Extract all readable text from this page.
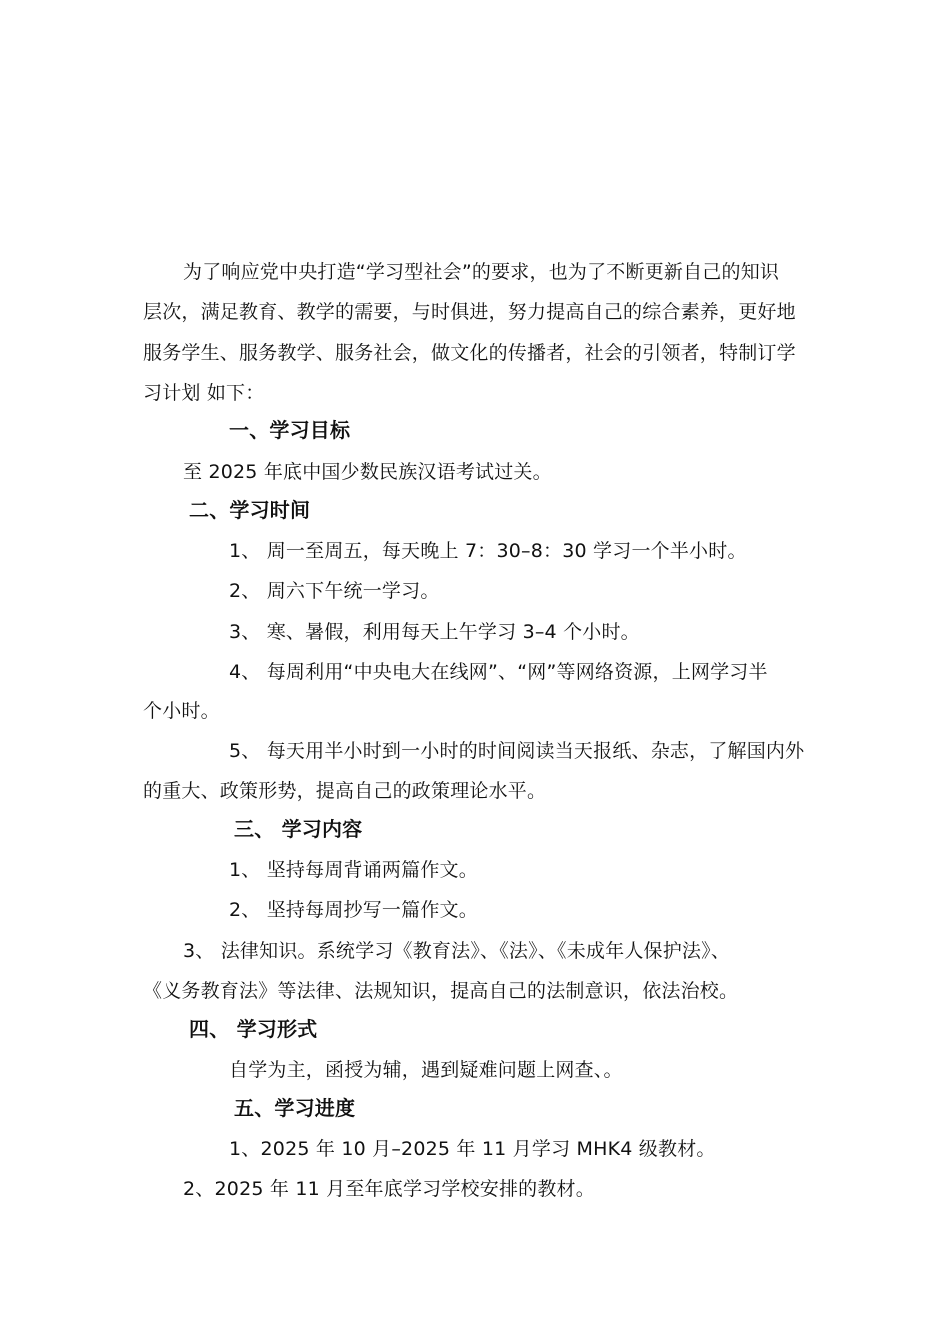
为了响应党中央打造“学习型社会”的要求，也为了不断更新自己的知识
层次，满足教育、教学的需要，与时俱进，努力提高自己的综合素养，更好地
服务学生、服务教学、服务社会，做文化的传播者，社会的引领者，特制订学
习计划 如下：
一、学习目标
至 2025 年底中国少数民族汉语考试过关。
二、学习时间
1、 周一至周五，每天晚上 7：30–8：30 学习一个半小时。
2、 周六下午统一学习。
3、 寒、暑假，利用每天上午学习 3–4 个小时。
4、 每周利用“中央电大在线网”、“网”等网络资源，上网学习半
个小时。
5、 每天用半小时到一小时的时间阅读当天报纸、杂志，了解国内外
的重大、政策形势，提高自己的政策理论水平。
三、 学习内容
1、 坚持每周背诵两篇作文。
2、 坚持每周抄写一篇作文。
3、 法律知识。系统学习《教育法》、《法》、《未成年人保护法》、
《义务教育法》等法律、法规知识，提高自己的法制意识，依法治校。
四、 学习形式
自学为主，函授为辅，遇到疑难问题上网查、。
五、学习进度
1、2025 年 10 月–2025 年 11 月学习 MHK4 级教材。
2、2025 年 11 月至年底学习学校安排的教材。
